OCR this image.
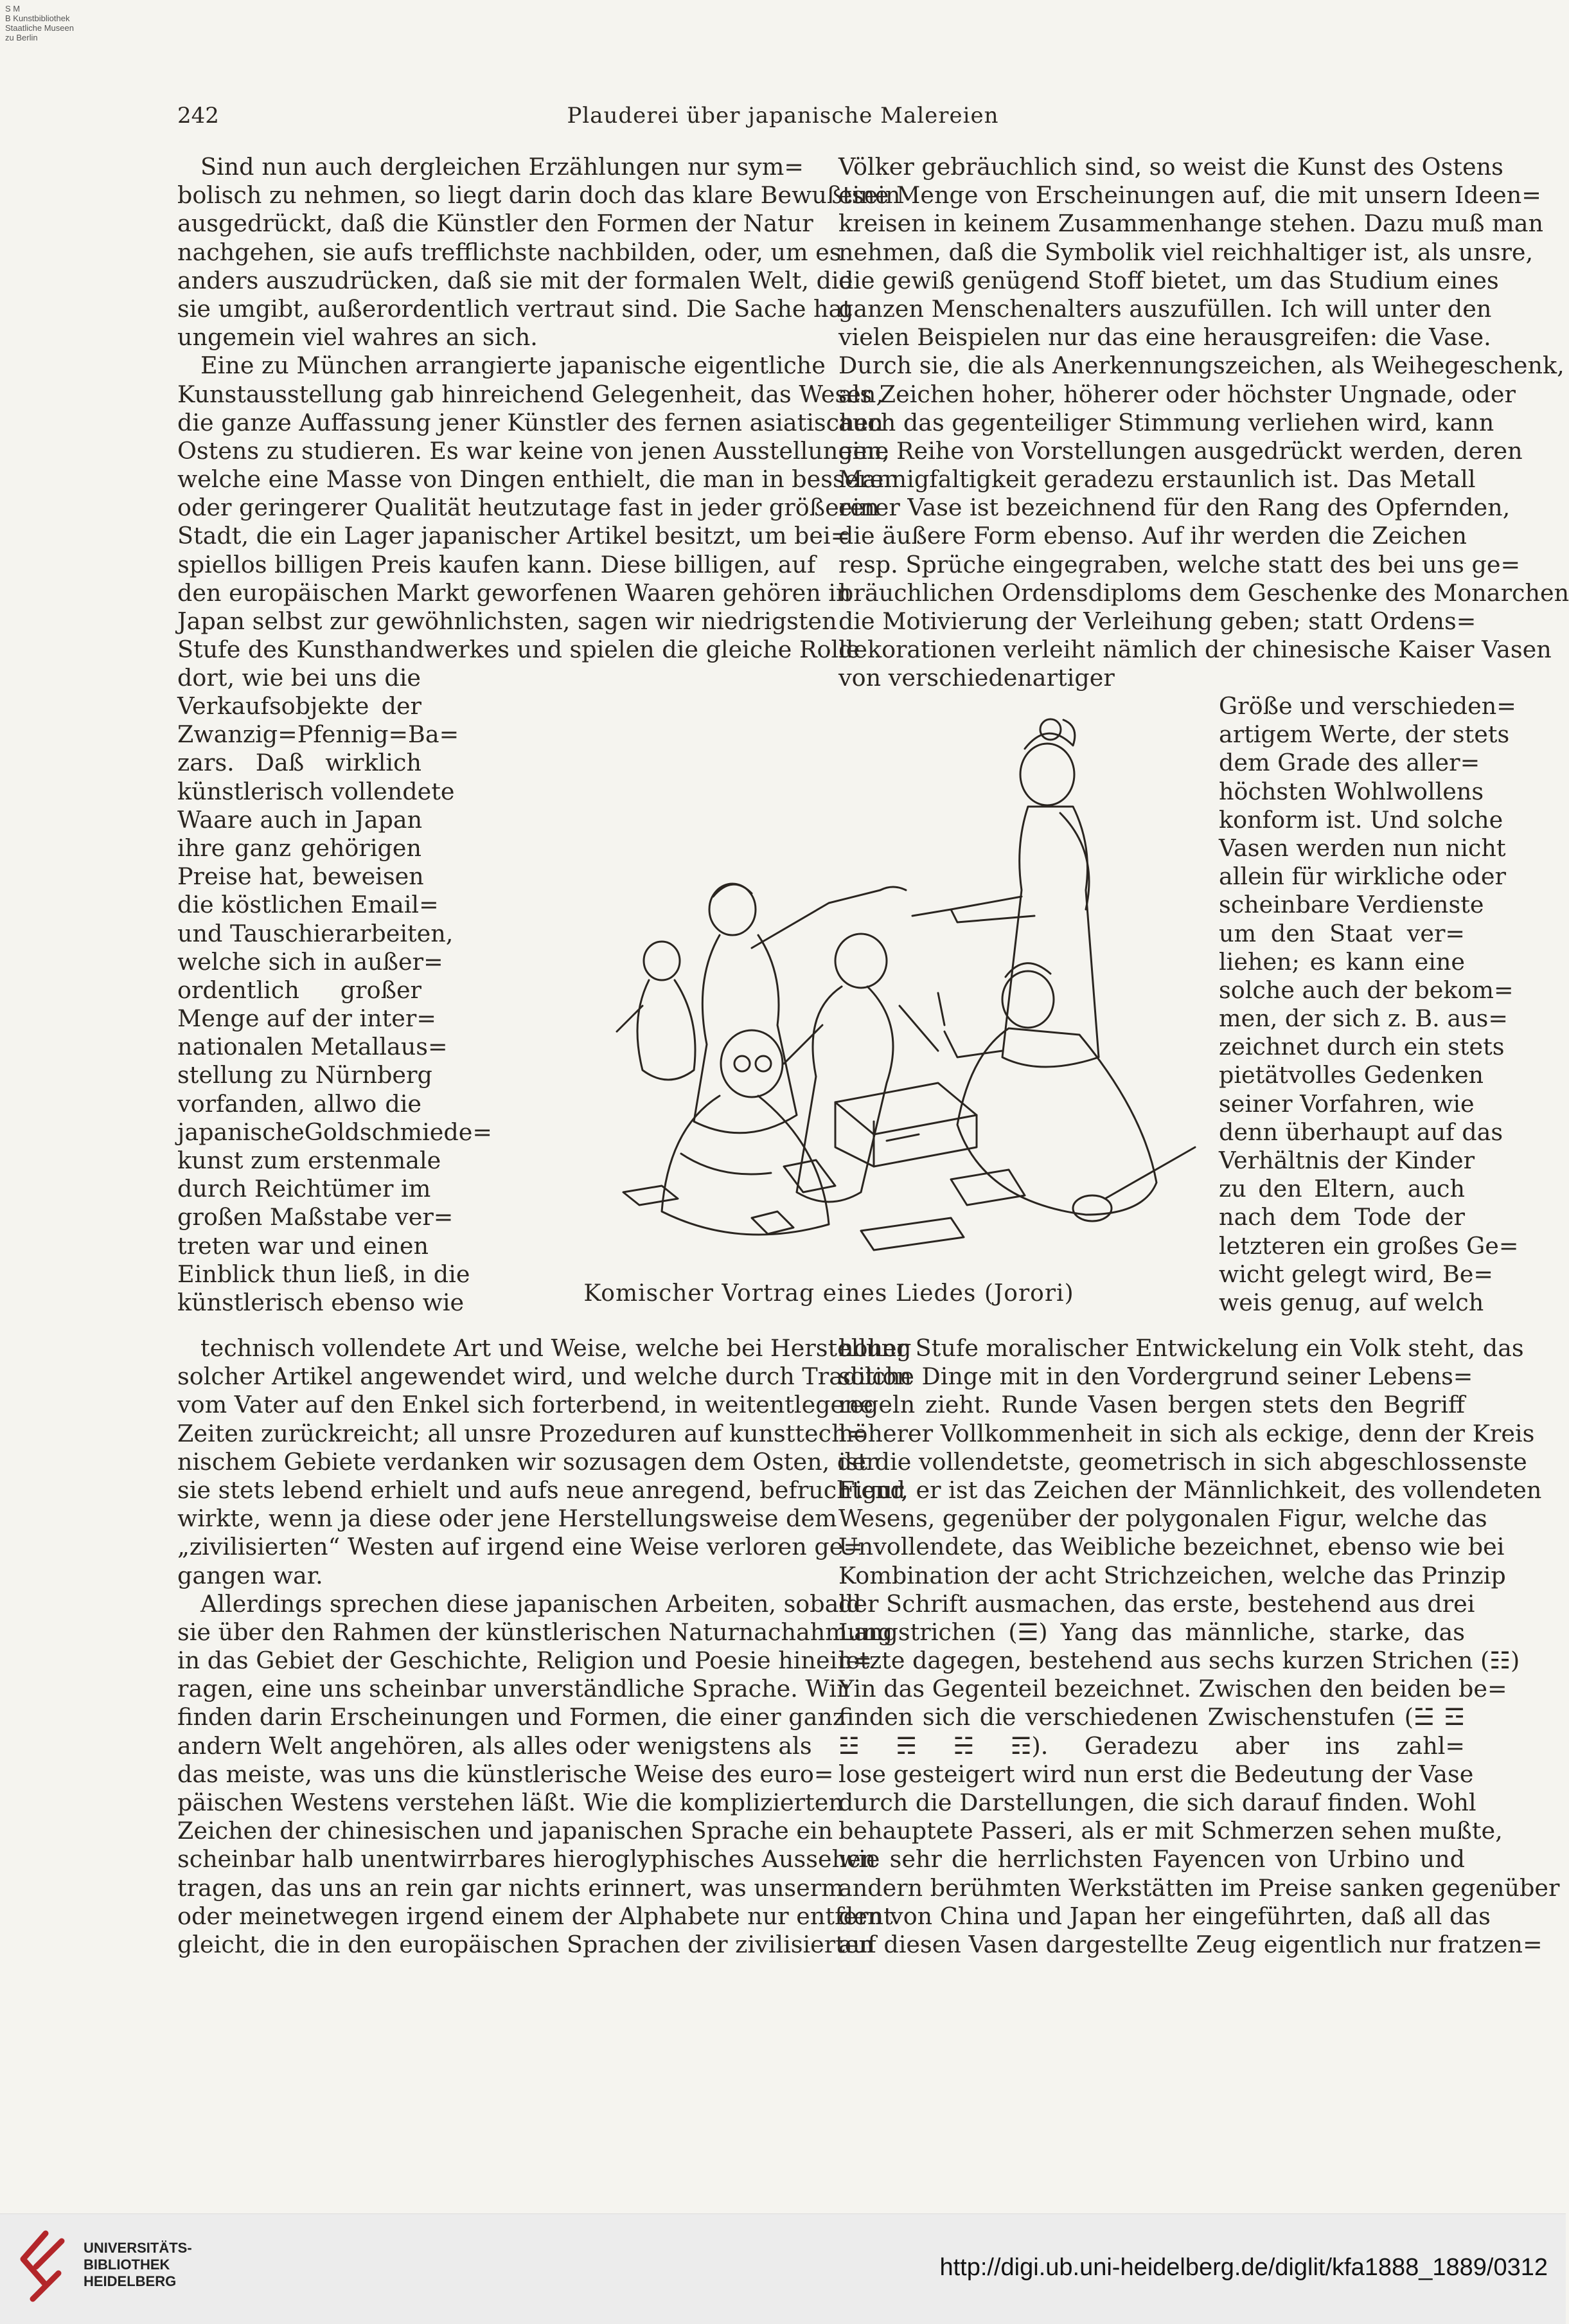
S M
B Kunstbibliothek
Staatliche Museen
zu Berlin
242	Plauderei über japanische Malereien
Sind nun auch dergleichen Erzählungen nur sym=
bolisch zu nehmen, so liegt darin doch das klare Bewußtsein
ausgedrückt, daß die Künstler den Formen der Natur
nachgehen, sie aufs trefflichste nachbilden, oder, um es
anders auszudrücken, daß sie mit der formalen Welt, die
sie umgibt, außerordentlich vertraut sind. Die Sache hat
ungemein viel wahres an sich.
Eine zu München arrangierte japanische eigentliche
Kunstausstellung gab hinreichend Gelegenheit, das Wesen,
die ganze Auffassung jener Künstler des fernen asiatischen
Ostens zu studieren. Es war keine von jenen Ausstellungen,
welche eine Masse von Dingen enthielt, die man in besserer
oder geringerer Qualität heutzutage fast in jeder größeren
Stadt, die ein Lager japanischer Artikel besitzt, um bei=
spiellos billigen Preis kaufen kann. Diese billigen, auf
den europäischen Markt geworfenen Waaren gehören in
Japan selbst zur gewöhnlichsten, sagen wir niedrigsten
Stufe des Kunsthandwerkes und spielen die gleiche Rolle
dort, wie bei uns die
Völker gebräuchlich sind, so weist die Kunst des Ostens
eine Menge von Erscheinungen auf, die mit unsern Ideen=
kreisen in keinem Zusammenhange stehen. Dazu muß man
nehmen, daß die Symbolik viel reichhaltiger ist, als unsre,
die gewiß genügend Stoff bietet, um das Studium eines
ganzen Menschenalters auszufüllen. Ich will unter den
vielen Beispielen nur das eine herausgreifen: die Vase.
Durch sie, die als Anerkennungszeichen, als Weihegeschenk,
als Zeichen hoher, höherer oder höchster Ungnade, oder
auch das gegenteiliger Stimmung verliehen wird, kann
eine Reihe von Vorstellungen ausgedrückt werden, deren
Mannigfaltigkeit geradezu erstaunlich ist. Das Metall
einer Vase ist bezeichnend für den Rang des Opfernden,
die äußere Form ebenso. Auf ihr werden die Zeichen
resp. Sprüche eingegraben, welche statt des bei uns ge=
bräuchlichen Ordensdiploms dem Geschenke des Monarchen
die Motivierung der Verleihung geben; statt Ordens=
dekorationen verleiht nämlich der chinesische Kaiser Vasen
von verschiedenartiger
Verkaufsobjekte der
Zwanzig=Pfennig=Ba=
zars. Daß wirklich
künstlerisch vollendete
Waare auch in Japan
ihre ganz gehörigen
Preise hat, beweisen
die köstlichen Email=
und Tauschierarbeiten,
welche sich in außer=
ordentlich großer
Menge auf der inter=
nationalen Metallaus=
stellung zu Nürnberg
vorfanden, allwo die
japanischeGoldschmiede=
kunst zum erstenmale
durch Reichtümer im
großen Maßstabe ver=
treten war und einen
Einblick thun ließ, in die
künstlerisch ebenso wie
Größe und verschieden=
artigem Werte, der stets
dem Grade des aller=
höchsten Wohlwollens
konform ist. Und solche
Vasen werden nun nicht
allein für wirkliche oder
scheinbare Verdienste
um den Staat ver=
liehen; es kann eine
solche auch der bekom=
men, der sich z. B. aus=
zeichnet durch ein stets
pietätvolles Gedenken
seiner Vorfahren, wie
denn überhaupt auf das
Verhältnis der Kinder
zu den Eltern, auch
nach dem Tode der
letzteren ein großes Ge=
wicht gelegt wird, Be=
weis genug, auf welch
Komischer Vortrag eines Liedes (Jorori)
technisch vollendete Art und Weise, welche bei Herstellung
solcher Artikel angewendet wird, und welche durch Tradition
vom Vater auf den Enkel sich forterbend, in weitentlegene
Zeiten zurückreicht; all unsre Prozeduren auf kunsttech=
nischem Gebiete verdanken wir sozusagen dem Osten, der
sie stets lebend erhielt und aufs neue anregend, befruchtend
wirkte, wenn ja diese oder jene Herstellungsweise dem
„zivilisierten“ Westen auf irgend eine Weise verloren ge=
gangen war.
Allerdings sprechen diese japanischen Arbeiten, sobald
sie über den Rahmen der künstlerischen Naturnachahmung
in das Gebiet der Geschichte, Religion und Poesie hinein=
ragen, eine uns scheinbar unverständliche Sprache. Wir
finden darin Erscheinungen und Formen, die einer ganz
andern Welt angehören, als alles oder wenigstens als
das meiste, was uns die künstlerische Weise des euro=
päischen Westens verstehen läßt. Wie die komplizierten
Zeichen der chinesischen und japanischen Sprache ein
scheinbar halb unentwirrbares hieroglyphisches Aussehen
tragen, das uns an rein gar nichts erinnert, was unserm
oder meinetwegen irgend einem der Alphabete nur entfernt
gleicht, die in den europäischen Sprachen der zivilisierten
hoher Stufe moralischer Entwickelung ein Volk steht, das
solche Dinge mit in den Vordergrund seiner Lebens=
regeln zieht. Runde Vasen bergen stets den Begriff
höherer Vollkommenheit in sich als eckige, denn der Kreis
ist die vollendetste, geometrisch in sich abgeschlossenste
Figur, er ist das Zeichen der Männlichkeit, des vollendeten
Wesens, gegenüber der polygonalen Figur, welche das
Unvollendete, das Weibliche bezeichnet, ebenso wie bei
Kombination der acht Strichzeichen, welche das Prinzip
der Schrift ausmachen, das erste, bestehend aus drei
Langstrichen (☰) Yang das männliche, starke, das
letzte dagegen, bestehend aus sechs kurzen Strichen (☷)
Yin das Gegenteil bezeichnet. Zwischen den beiden be=
finden sich die verschiedenen Zwischenstufen (☱ ☲
☳ ☴ ☵ ☶). Geradezu aber ins zahl=
lose gesteigert wird nun erst die Bedeutung der Vase
durch die Darstellungen, die sich darauf finden. Wohl
behauptete Passeri, als er mit Schmerzen sehen mußte,
wie sehr die herrlichsten Fayencen von Urbino und
andern berühmten Werkstätten im Preise sanken gegenüber
den von China und Japan her eingeführten, daß all das
auf diesen Vasen dargestellte Zeug eigentlich nur fratzen=
UNIVERSITÄTS-
BIBLIOTHEK
HEIDELBERG
http://digi.ub.uni-heidelberg.de/diglit/kfa1888_1889/0312
